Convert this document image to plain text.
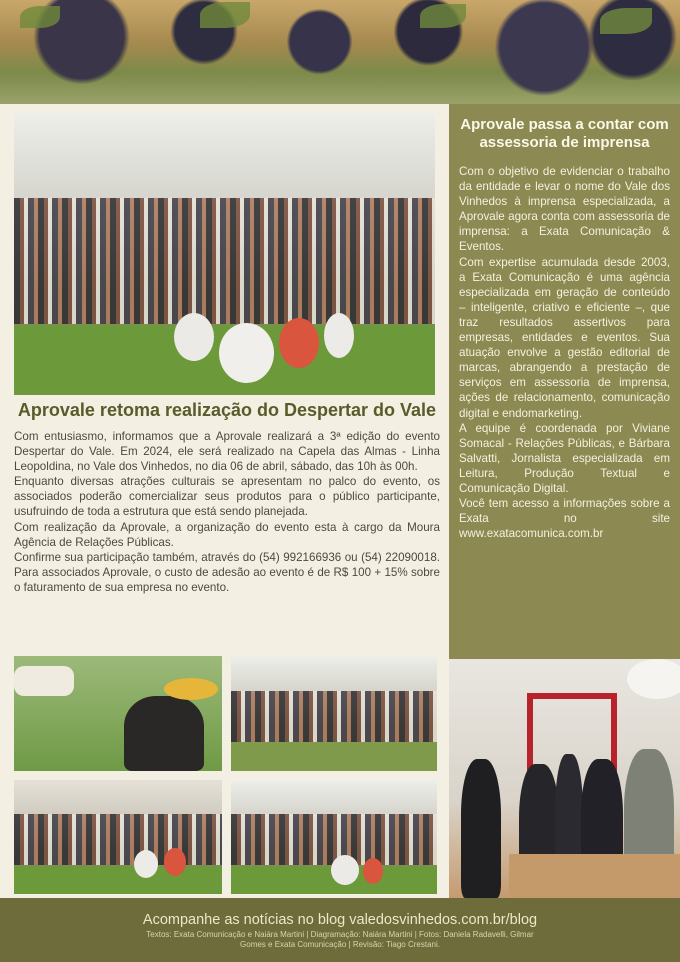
Aprovale retoma realização do Despertar do Vale

Com entusiasmo, informamos que a Aprovale realizará a 3ª edição do evento Despertar do Vale. Em 2024, ele será realizado na Capela das Almas - Linha Leopoldina, no Vale dos Vinhedos, no dia 06 de abril, sábado, das 10h às 00h.

Enquanto diversas atrações culturais se apresentam no palco do evento, os associados poderão comercializar seus produtos para o público participante, usufruindo de toda a estrutura que está sendo planejada.

Com realização da Aprovale, a organização do evento esta à cargo da Moura Agência de Relações Públicas.

Confirme sua participação também, através do (54) 992166936 ou (54) 22090018. Para associados Aprovale, o custo de adesão ao evento é de R$ 100 + 15% sobre o faturamento de sua empresa no evento.

Aprovale passa a contar com assessoria de imprensa

Com o objetivo de evidenciar o trabalho da entidade e levar o nome do Vale dos Vinhedos à imprensa especializada, a Aprovale agora conta com assessoria de imprensa: a Exata Comunicação & Eventos.

Com expertise acumulada desde 2003, a Exata Comunicação é uma agência especializada em geração de conteúdo – inteligente, criativo e eficiente –, que traz resultados assertivos para empresas, entidades e eventos. Sua atuação envolve a gestão editorial de marcas, abrangendo a prestação de serviços em assessoria de imprensa, ações de relacionamento, comunicação digital e endomarketing.

A equipe é coordenada por Viviane Somacal - Relações Públicas, e Bárbara Salvatti, Jornalista especializada em Leitura, Produção Textual e Comunicação Digital.

Você tem acesso a informações sobre a Exata no site www.exatacomunica.com.br

Acompanhe as notícias no blog valedosvinhedos.com.br/blog
Textos: Exata Comunicação e Naiára Martini | Diagramação: Naiára Martini | Fotos: Daniela Radavelli, Gilmar Gomes e Exata Comunicação | Revisão: Tiago Crestani.
